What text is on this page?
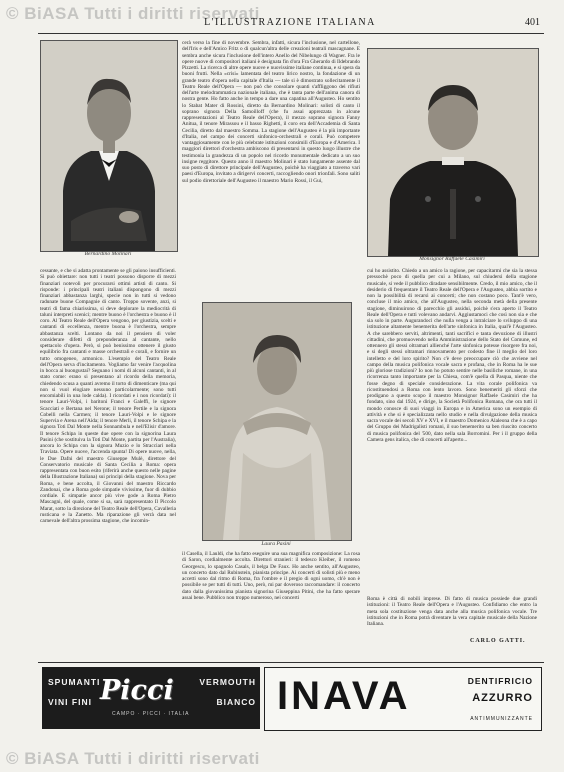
© BiASA Tutti i diritti riservati
L'ILLUSTRAZIONE ITALIANA	401
Bernardino Molinari
cerà verso la fine di novembre. Sembra, infatti, sicura l'inclusione, nel cartellone, dell'Iris e dell'Amico Fritz o di qualcun'altra delle creazioni teatrali mascagnane. E sembra anche sicura l'inclusione dell'intero Anello del Nibelungo di Wagner. Fra le opere nuove di compositori italiani è designata fin d'ora Fra Gherardo di Ildebrando Pizzetti. La ricerca di altre opere nuove e nuovissime italiane continua, e si spera da buoni frutti. Nella «crisi» lamentata del teatro lirico nostro, la fondazione di un grande teatro d'opera nella capitale d'Italia — tale si è dimostrato sollecitamente il Teatro Reale dell'Opera — non può che consolare quanti s'affliggono dei rifiuti dell'arte melodrammatica nazionale italiana, che è tanta parte dell'anima canora di nostra gente. Ho fatto anche in tempo a dare una capatina all'Augusteo. Ho sentito lo Stabat Mater di Rossini, diretto da Bernardino Molinari: solisti di canto il soprano signora Della Samoilloff (che fu assai apprezzata in alcune rappresentazioni al Teatro Reale dell'Opera), il mezzo soprano signora Fanny Anitua, il tenore Mirassou e il basso Righetti, il coro era dell'Accademia di Santa Cecilia, diretto dal maestro Somma. La stagione dell'Augusteo è la più importante d'Italia, nel campo dei concerti sinfonico-orchestrali e corali. Può competere vantaggiosamente con le più celebrate istituzioni consimili d'Europa e d'America. I maggiori direttori d'orchestra ambiscono di presentarsi in questo luogo illustre che testimonia la grandezza di un popolo nel ricordo monumentale dedicato a un suo insigne reggitore. Questo anno il maestro Molinari è stato lungamente assente dal suo posto di direttore principale dell'Augusteo, poichè ha viaggiato a traverso vari paesi d'Europa, invitato a dirigervi concerti, raccogliendo onori trionfali. Sono saliti sul podio direttoriale dell'Augusteo il maestro Mario Rossi, il Gui,
Monsignor Raffaele Casimiri
cessante, e che si adatta prontamente se gli paiono insufficienti. Si può obiettare: non tutti i teatri possono disporre di mezzi finanziari notevoli per procurarsi ottimi artisti di canto. Si risponde: i principali teatri italiani dispongono di mezzi finanziari abbastanza larghi, specie non in tutti si vedono radunate buone Compagnie di canto. Troppo sovente, anzi, si teatri di fama chiarissima, si deve deplorare la mediocrità di taluni interpreti scenici; mentre buono è l'orchestra e buono è il coro. Al Teatro Reale dell'Opera vengono, per giustizia, scelti e cantanti di eccellenza, mentre buona è l'orchestra, sempre abbastanza scelti. Lontano da noi il pensiero di voler considerare difetti di preponderanza al cantante, nello spettacolo d'opera. Però, si può benissimo ottenere il giusto equilibrio fra cantanti e masse orchestrali e corali, e fornire un tutto omogeneo, armonico. L'esempio del Teatro Reale dell'Opera serva d'incitamento. Vogliamo far venire l'acquolina in bocca ai buongustai? Seguano i nomi di alcuni cantanti, in al stato come: erano si presentano al ricordo della memoria, chiedendo scusa a quanti avremo il torto di dimenticare (ma qui non si vuol elogiare nessuno particolarmente; sono tutti encomiabili in una lode calda). I ricordati e i non ricordati): il tenore Lauri-Volpi, i baritoni Franci e Galeffi, le signore Scacciati e Bertana nel Nerone; il tenore Pertile e la signora Cobelli nella Carmen; il tenore Lauri-Volpi e le signore Supervia e Arena nell'Aida; il tenore Merli, il tenore Schipa e la signora Toti Dal Monte nella Sonnambula e nell'Elisir d'amore. Il tenore Schipa in queste due opere con la signorina Laura Pasini (che sostituiva la Toti Dal Monte, partita per l'Australia), ancora lo Schipa con la signora Muzio e lo Stracciari nella Traviata. Opere nuove, l'accenda spunta! Di opere nuove, nella, le Due Dafni del maestro Giuseppe Mulè, direttore del Conservatorio musicale di Santa Cecilia a Roma: opera rappresentata con buon esito (riferirà anche questo nelle pagine della Illustrazione Italiana) sui principi della stagione. Nova per Roma, e bene accolta, il Giovanni del maestro Riccardo Zandonai, che a Roma gode simpatie vivissime, fuor di dubbio cordiale. E simpatie ancor più vive gode a Roma Pietro Mascagni, del quale, come si sa, sarà rappresentato Il Piccolo Marat, sotto la direzione del Teatro Reale dell'Opera, Cavalleria rusticana e la Zanetto. Ma riparazione gli verrà data nel carnevale dell'altra prossima stagione, che incomin-
Laura Pasini
il Casella, il Lauldi, che ha fatto eseguire una sua magnifica composizione: La rosa di Saron, cordialmente accolta. Direttori stranieri: il tedesco Kleiber, il romeno Georgescu, lo spagnolo Casals, il belga De Faux. Ho anche sentito, all'Augusteo, un concerto dato dal Rubinstein, pianista principe. Ai concerti di solisti più e meno accetti sono dal ritmo di Roma, fra l'ombre e il pregio di ogni uomo, ch'è non è possibile se per tutti di tutti. Uno, però, mi par doveroso raccomandare: il concerto dato dalla giovanissima pianista signorina Giuseppina Pitini, che ha fatto sperare assai bene. Pubblico non troppo numeroso, nei concerti
cui ho assistito. Chiedo a un amico la ragione, per capacitarmi che sia la stessa pressochè poco di quella per cui a Milano, sul chiudersi della stagione musicale, si vede il pubblico diradare sensibilmente. Credo, il mio amico, che il desiderio di frequentare il Teatro Reale dell'Opera e l'Augusteo, abbia sortito e non la possibilità di recarsi ai concerti; che non costano poco. Tant'è vero, concluse il mio amico, che all'Augusteo, nella seconda metà della presente stagione, diminuirono di parecchio gli assidui, poichè s'era aperto il Teatro Reale dell'Opera e tutti volevano andarvi. Aggiustamoci che così non sia e che sia solo in parte. Augurandoci che nulla venga a intralciare lo sviluppo di una istituzione altamente benemerita dell'arte sinfonica in Italia, qual'è l'Augusteo. A che sarebbero serviti, altrimenti, tanti sacrifici e tanta devozione di illustri cittadini, che promuovendo nella Amministrazione dello Stato del Comune, ed ottennero gli stessi oltramari allienché l'arte sinfonica potesse risorgere fra noi, e si degli stessi oltramari rinnovamento per codesto fine il meglio del loro intelletto e del loro spirito? Non c'è deve preoccupare ciò che avviene nel campo della musica polifonica vocale sacra e profana, che in Roma ha le sue più gloriose tradizioni? Io non ho potuto sentire nelle basiliche romane, in una ricorrenza tanto importante per la Chiesa, com'è quella di Pasqua, niente che fosse degno di speciale considerazione. La vita corale polifonica va ricostituendosi a Roma con lento lavoro. Sono benemeriti gli sforzi che prodigano a questo scopo il maestro Monsignor Raffaele Casimiri che ha fondato, sino dal 1924, e dirige, la Società Polifonica Romana, che ora tutti il mondo conosce di suoi viaggi in Europa e in America sono un esempio di attività e che si è specializzata nello studio e nella divulgazione della musica sacra vocale dei secoli XV e XVI, e il maestro Domenico Alaleona che è a capo del Gruppo dei Madrigalisti romani, il suo benemerito sa ben riuscito concerto di musica polifonica del '500, dato nella sala Borromini. Per i il gruppo della Camera gens italica, che di concerti all'aperto...
Roma è città di nobili imprese. Di fatto di musica possiede due grandi istituzioni: il Teatro Reale dell'Opera e l'Augusteo. Confidiamo che entro la meta sola costituzione venga data anche alla musica polifonica vocale. Tre istituzioni che in Roma potrà diventare la vera capitale musicale della Nazione Italiana.
CARLO GATTI.
SPUMANTI
VINI FINI Picci
CAMPO · PICCI · ITALIA
VERMOUTH
BIANCO INAVA	DENTIFRICIO
AZZURRO
ANTIMMUNIZZANTE
© BiASA Tutti i diritti riservati
